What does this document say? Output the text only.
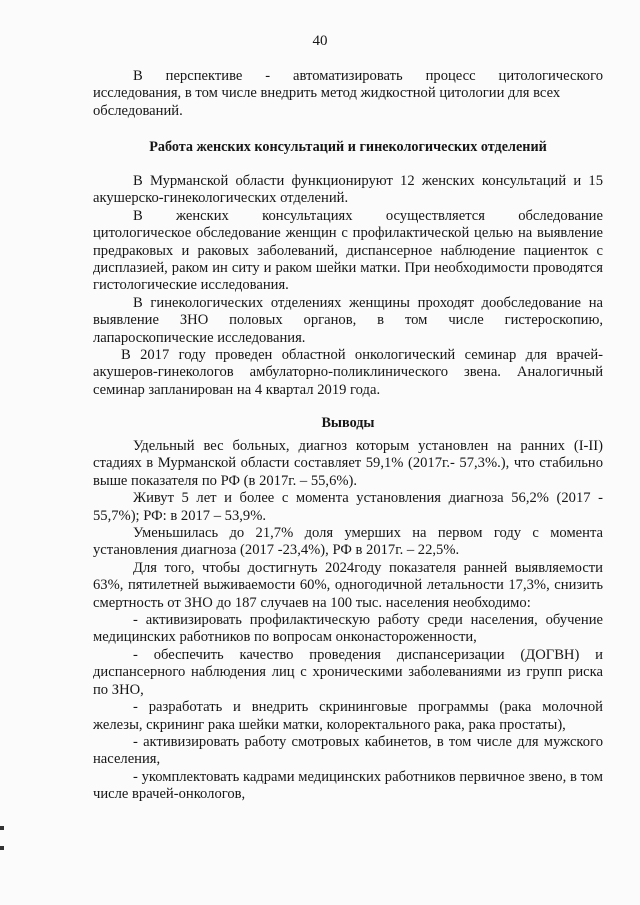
40

В перспективе - автоматизировать процесс цитологического

исследования, в том числе внедрить метод жидкостной цитологии для всех обследований.

Работа женских консультаций и гинекологических отделений

В Мурманской области функционируют 12 женских консультаций и 15 акушерско-гинекологических отделений.

В женских консультациях осуществляется обследование

цитологическое обследование женщин с профилактической целью на выявление предраковых и раковых заболеваний, диспансерное наблюдение пациенток с дисплазией, раком ин ситу и раком шейки матки. При необходимости проводятся гистологические исследования.

В гинекологических отделениях женщины проходят дообследование на выявление ЗНО половых органов, в том числе гистероскопию, лапароскопические исследования.

В 2017 году проведен областной онкологический семинар для врачей-акушеров-гинекологов амбулаторно-поликлинического звена. Аналогичный семинар запланирован на 4 квартал 2019 года.

Выводы

Удельный вес больных, диагноз которым установлен на ранних (I-II) стадиях в Мурманской области составляет 59,1% (2017г.- 57,3%.), что стабильно выше показателя по РФ (в 2017г. – 55,6%).

Живут 5 лет и более с момента установления диагноза 56,2% (2017 - 55,7%); РФ: в 2017 – 53,9%.

Уменьшилась до 21,7% доля умерших на первом году с момента установления диагноза (2017 -23,4%), РФ в 2017г. – 22,5%.

Для того, чтобы достигнуть 2024году показателя ранней выявляемости 63%, пятилетней выживаемости 60%, одногодичной летальности 17,3%, снизить смертность от ЗНО до 187 случаев на 100 тыс. населения необходимо:

- активизировать профилактическую работу среди населения, обучение медицинских работников по вопросам онконастороженности,

- обеспечить качество проведения диспансеризации (ДОГВН) и диспансерного наблюдения лиц с хроническими заболеваниями из групп риска по ЗНО,

- разработать и внедрить скрининговые программы (рака молочной железы, скрининг рака шейки матки, колоректального рака, рака простаты),

- активизировать работу смотровых кабинетов, в том числе для мужского населения,

- укомплектовать кадрами медицинских работников первичное звено, в том числе врачей-онкологов,
